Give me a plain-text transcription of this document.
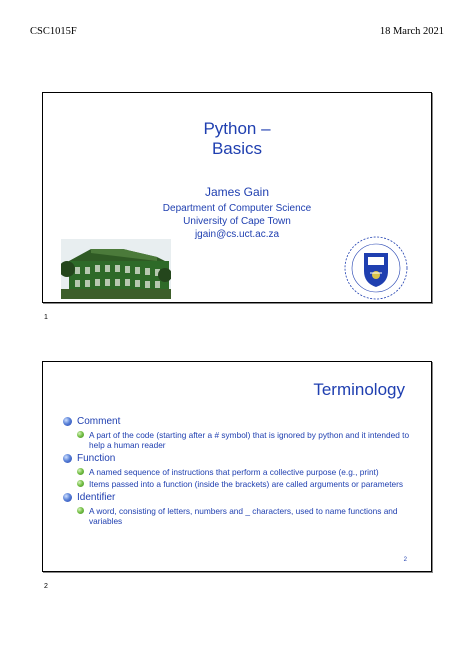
CSC1015F	18 March 2021
Python –
Basics
James Gain
Department of Computer Science
University of Cape Town
jgain@cs.uct.ac.za
1
Terminology
Comment
A part of the code (starting after a # symbol) that is ignored by python and it intended to help a human reader
Function
A named sequence of instructions that perform a collective purpose (e.g., print)
Items passed into a function (inside the brackets) are called arguments or parameters
Identifier
A word, consisting of letters, numbers and _ characters, used to name functions and variables
2
2
